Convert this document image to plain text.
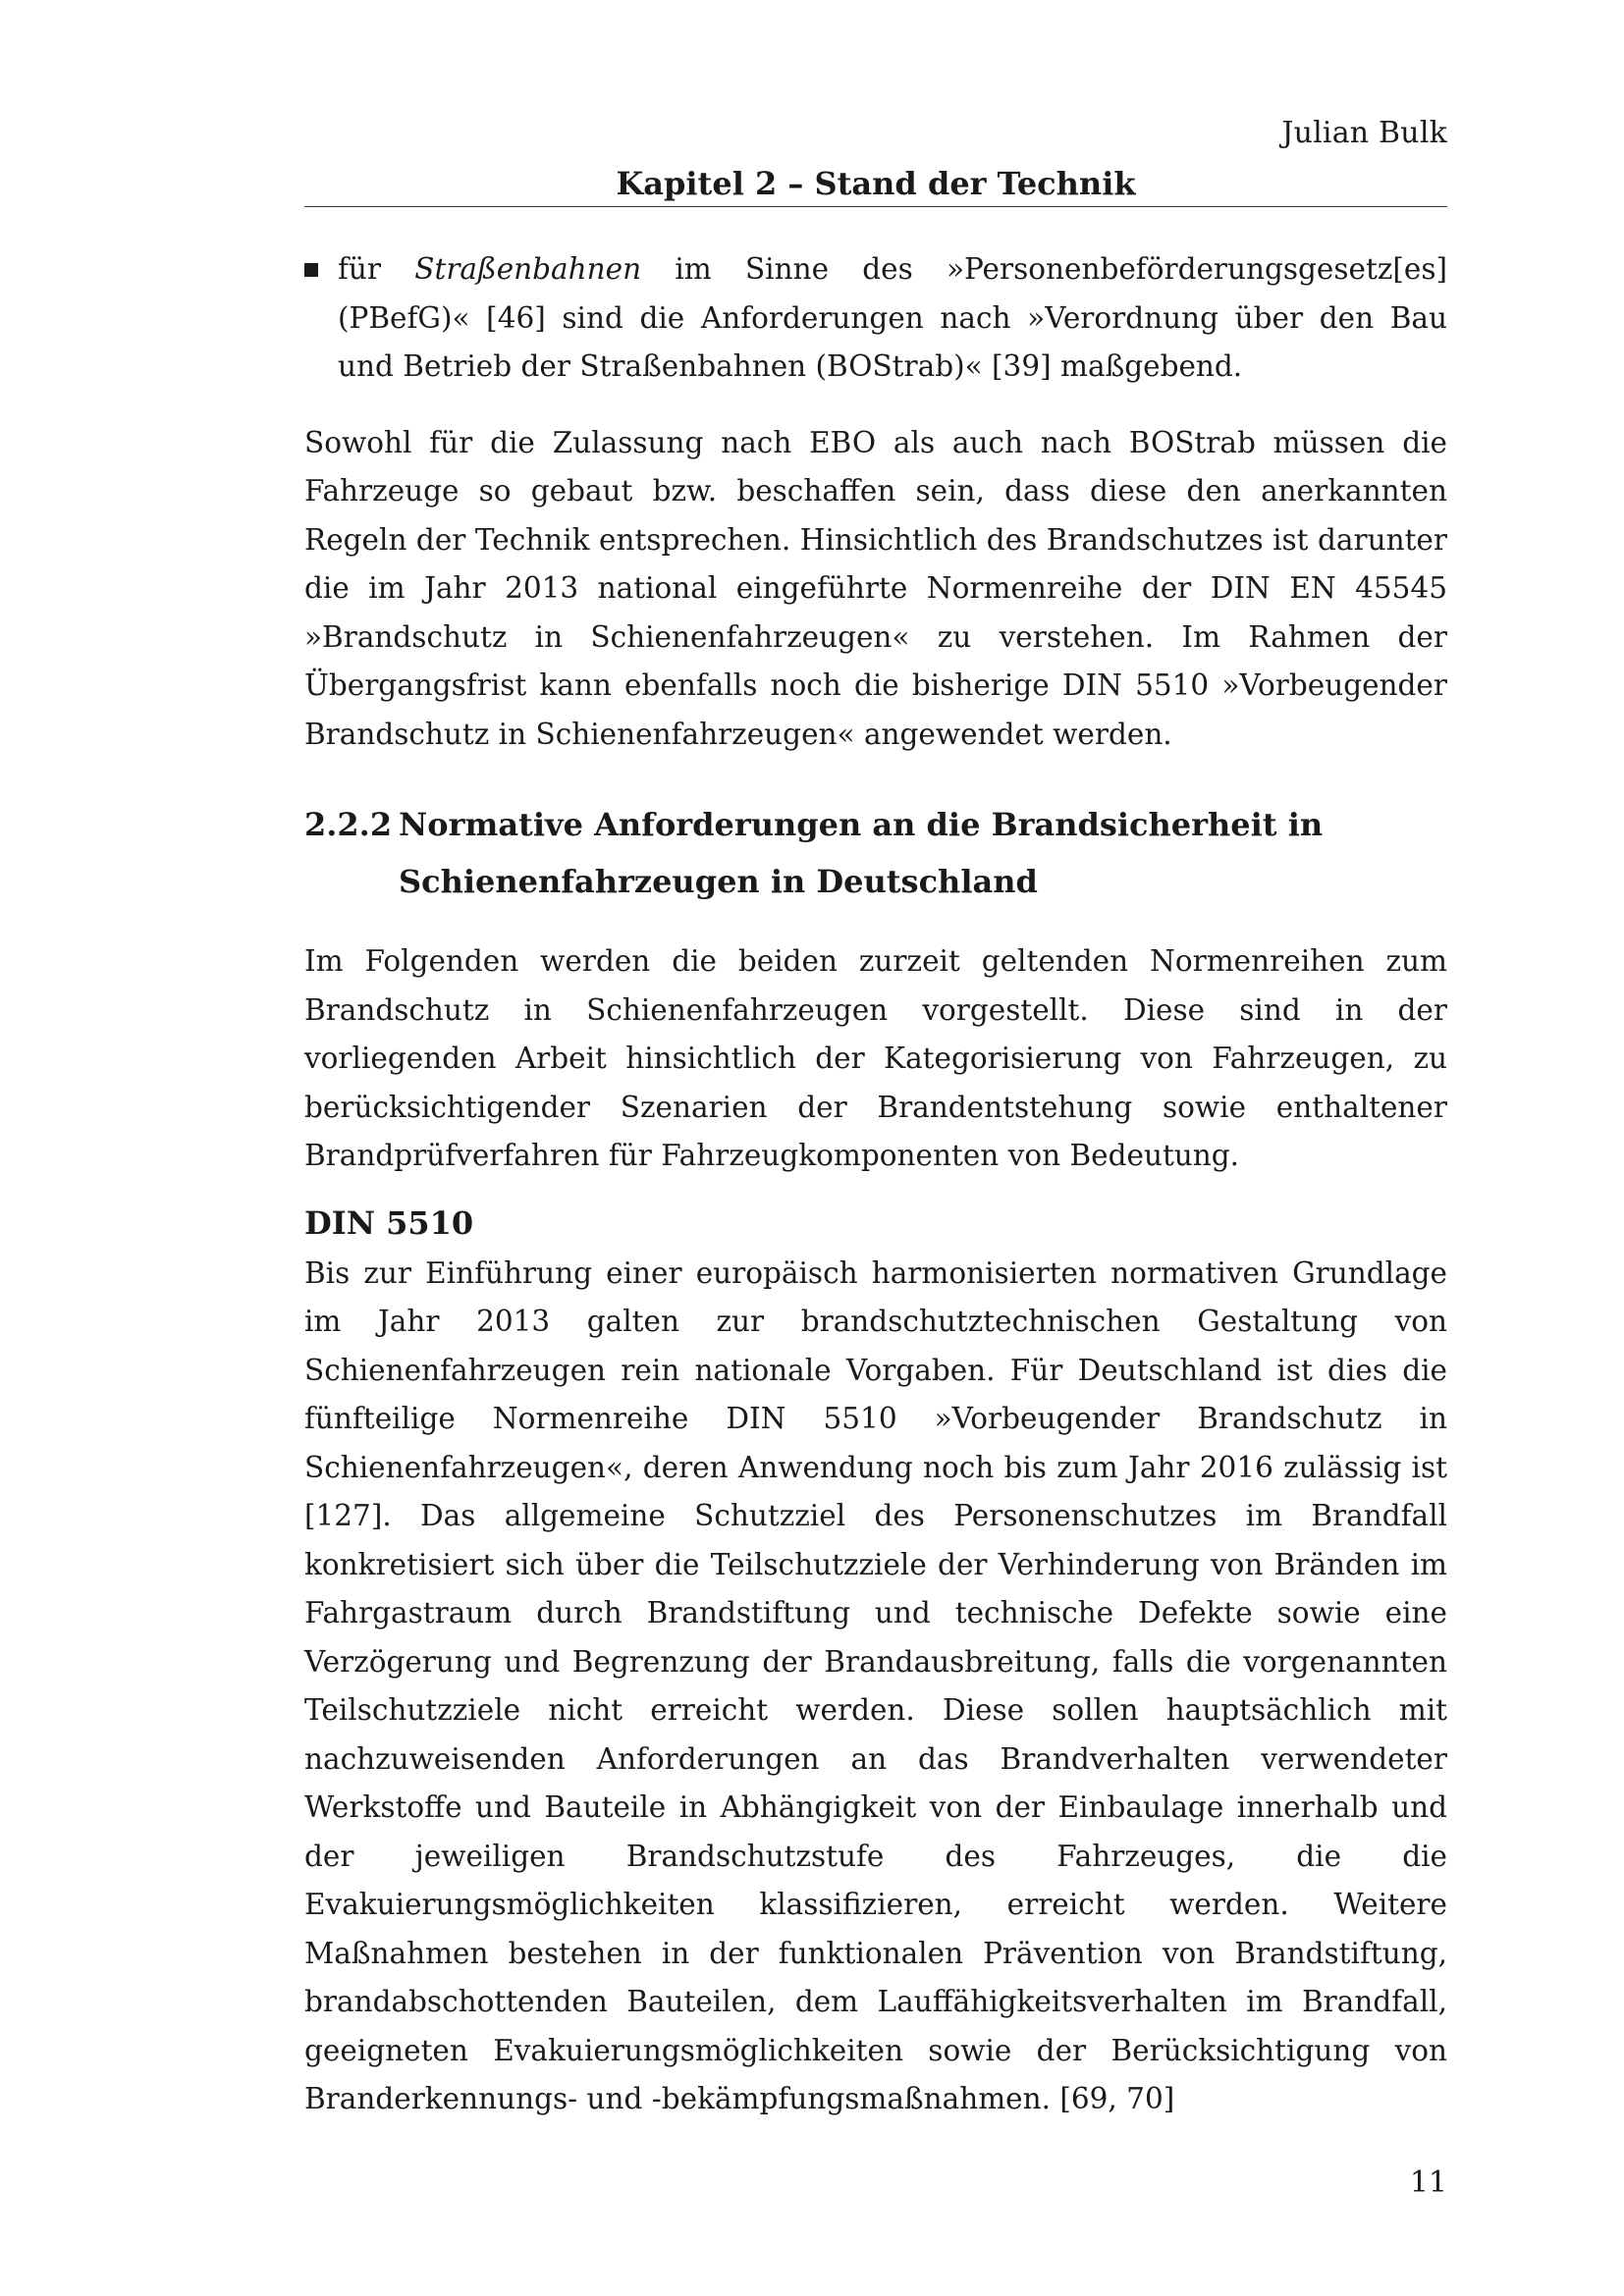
Julian Bulk
Kapitel 2 – Stand der Technik
für Straßenbahnen im Sinne des »Personenbeförderungsgesetz[es] (PBefG)« [46] sind die Anforderungen nach »Verordnung über den Bau und Betrieb der Straßenbahnen (BOStrab)« [39] maßgebend.

Sowohl für die Zulassung nach EBO als auch nach BOStrab müssen die Fahrzeuge so gebaut bzw. beschaffen sein, dass diese den anerkannten Regeln der Technik entsprechen. Hinsichtlich des Brandschutzes ist darunter die im Jahr 2013 national eingeführte Normenreihe der DIN EN 45545 »Brandschutz in Schienenfahrzeugen« zu verstehen. Im Rahmen der Übergangsfrist kann ebenfalls noch die bisherige DIN 5510 »Vorbeugender Brandschutz in Schienenfahrzeugen« angewendet werden.

2.2.2 Normative Anforderungen an die Brandsicherheit in Schienenfahrzeugen in Deutschland

Im Folgenden werden die beiden zurzeit geltenden Normenreihen zum Brandschutz in Schienenfahrzeugen vorgestellt. Diese sind in der vorliegenden Arbeit hinsichtlich der Kategorisierung von Fahrzeugen, zu berücksichtigender Szenarien der Brandentstehung sowie enthaltener Brandprüfverfahren für Fahrzeugkomponenten von Bedeutung.

DIN 5510

Bis zur Einführung einer europäisch harmonisierten normativen Grundlage im Jahr 2013 galten zur brandschutztechnischen Gestaltung von Schienenfahrzeugen rein nationale Vorgaben. Für Deutschland ist dies die fünfteilige Normenreihe DIN 5510 »Vorbeugender Brandschutz in Schienenfahrzeugen«, deren Anwendung noch bis zum Jahr 2016 zulässig ist [127]. Das allgemeine Schutzziel des Personenschutzes im Brandfall konkretisiert sich über die Teilschutzziele der Verhinderung von Bränden im Fahrgastraum durch Brandstiftung und technische Defekte sowie eine Verzögerung und Begrenzung der Brandausbreitung, falls die vorgenannten Teilschutzziele nicht erreicht werden. Diese sollen hauptsächlich mit nachzuweisenden Anforderungen an das Brandverhalten verwendeter Werkstoffe und Bauteile in Abhängigkeit von der Einbaulage innerhalb und der jeweiligen Brandschutzstufe des Fahrzeuges, die die Evakuierungsmöglichkeiten klassifizieren, erreicht werden. Weitere Maßnahmen bestehen in der funktionalen Prävention von Brandstiftung, brandabschottenden Bauteilen, dem Lauffähigkeitsverhalten im Brandfall, geeigneten Evakuierungsmöglichkeiten sowie der Berücksichtigung von Branderkennungs- und -bekämpfungsmaßnahmen. [69, 70]

11
